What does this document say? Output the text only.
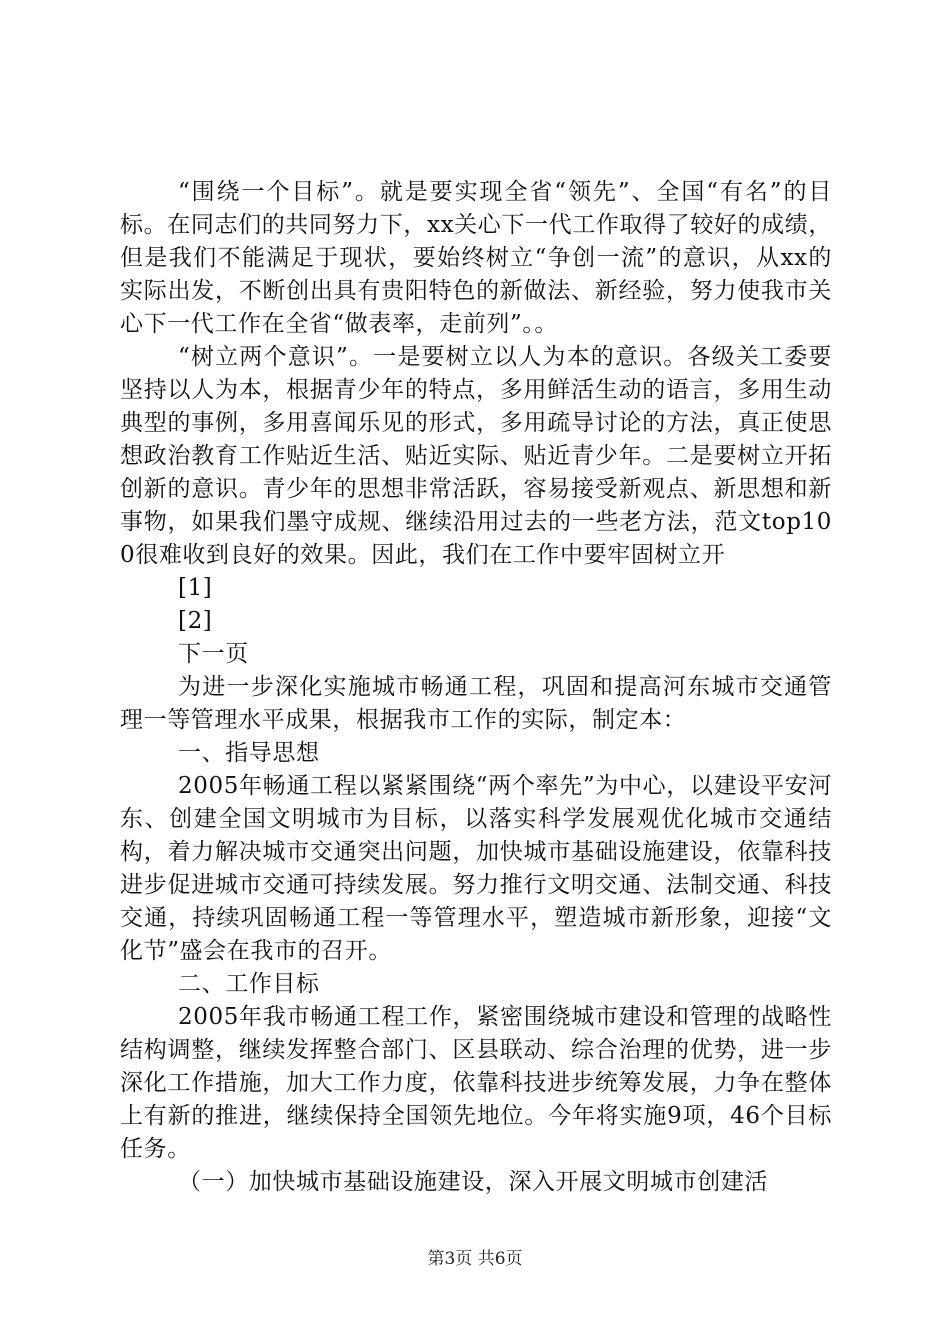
“围绕一个目标”。就是要实现全省“领先”、全国“有名”的目标。在同志们的共同努力下，xx关心下一代工作取得了较好的成绩，但是我们不能满足于现状，要始终树立“争创一流”的意识，从xx的实际出发，不断创出具有贵阳特色的新做法、新经验，努力使我市关心下一代工作在全省“做表率，走前列”。。

“树立两个意识”。一是要树立以人为本的意识。各级关工委要坚持以人为本，根据青少年的特点，多用鲜活生动的语言，多用生动典型的事例，多用喜闻乐见的形式，多用疏导讨论的方法，真正使思想政治教育工作贴近生活、贴近实际、贴近青少年。二是要树立开拓创新的意识。青少年的思想非常活跃，容易接受新观点、新思想和新事物，如果我们墨守成规、继续沿用过去的一些老方法，范文top100很难收到良好的效果。因此，我们在工作中要牢固树立开

[1]

[2]

下一页

为进一步深化实施城市畅通工程，巩固和提高河东城市交通管理一等管理水平成果，根据我市工作的实际，制定本：

一、指导思想

2005年畅通工程以紧紧围绕“两个率先”为中心，以建设平安河东、创建全国文明城市为目标，以落实科学发展观优化城市交通结构，着力解决城市交通突出问题，加快城市基础设施建设，依靠科技进步促进城市交通可持续发展。努力推行文明交通、法制交通、科技交通，持续巩固畅通工程一等管理水平，塑造城市新形象，迎接“文化节”盛会在我市的召开。

二、工作目标

2005年我市畅通工程工作，紧密围绕城市建设和管理的战略性结构调整，继续发挥整合部门、区县联动、综合治理的优势，进一步深化工作措施，加大工作力度，依靠科技进步统筹发展，力争在整体上有新的推进，继续保持全国领先地位。今年将实施9项，46个目标任务。

（一）加快城市基础设施建设，深入开展文明城市创建活

第3页 共6页
